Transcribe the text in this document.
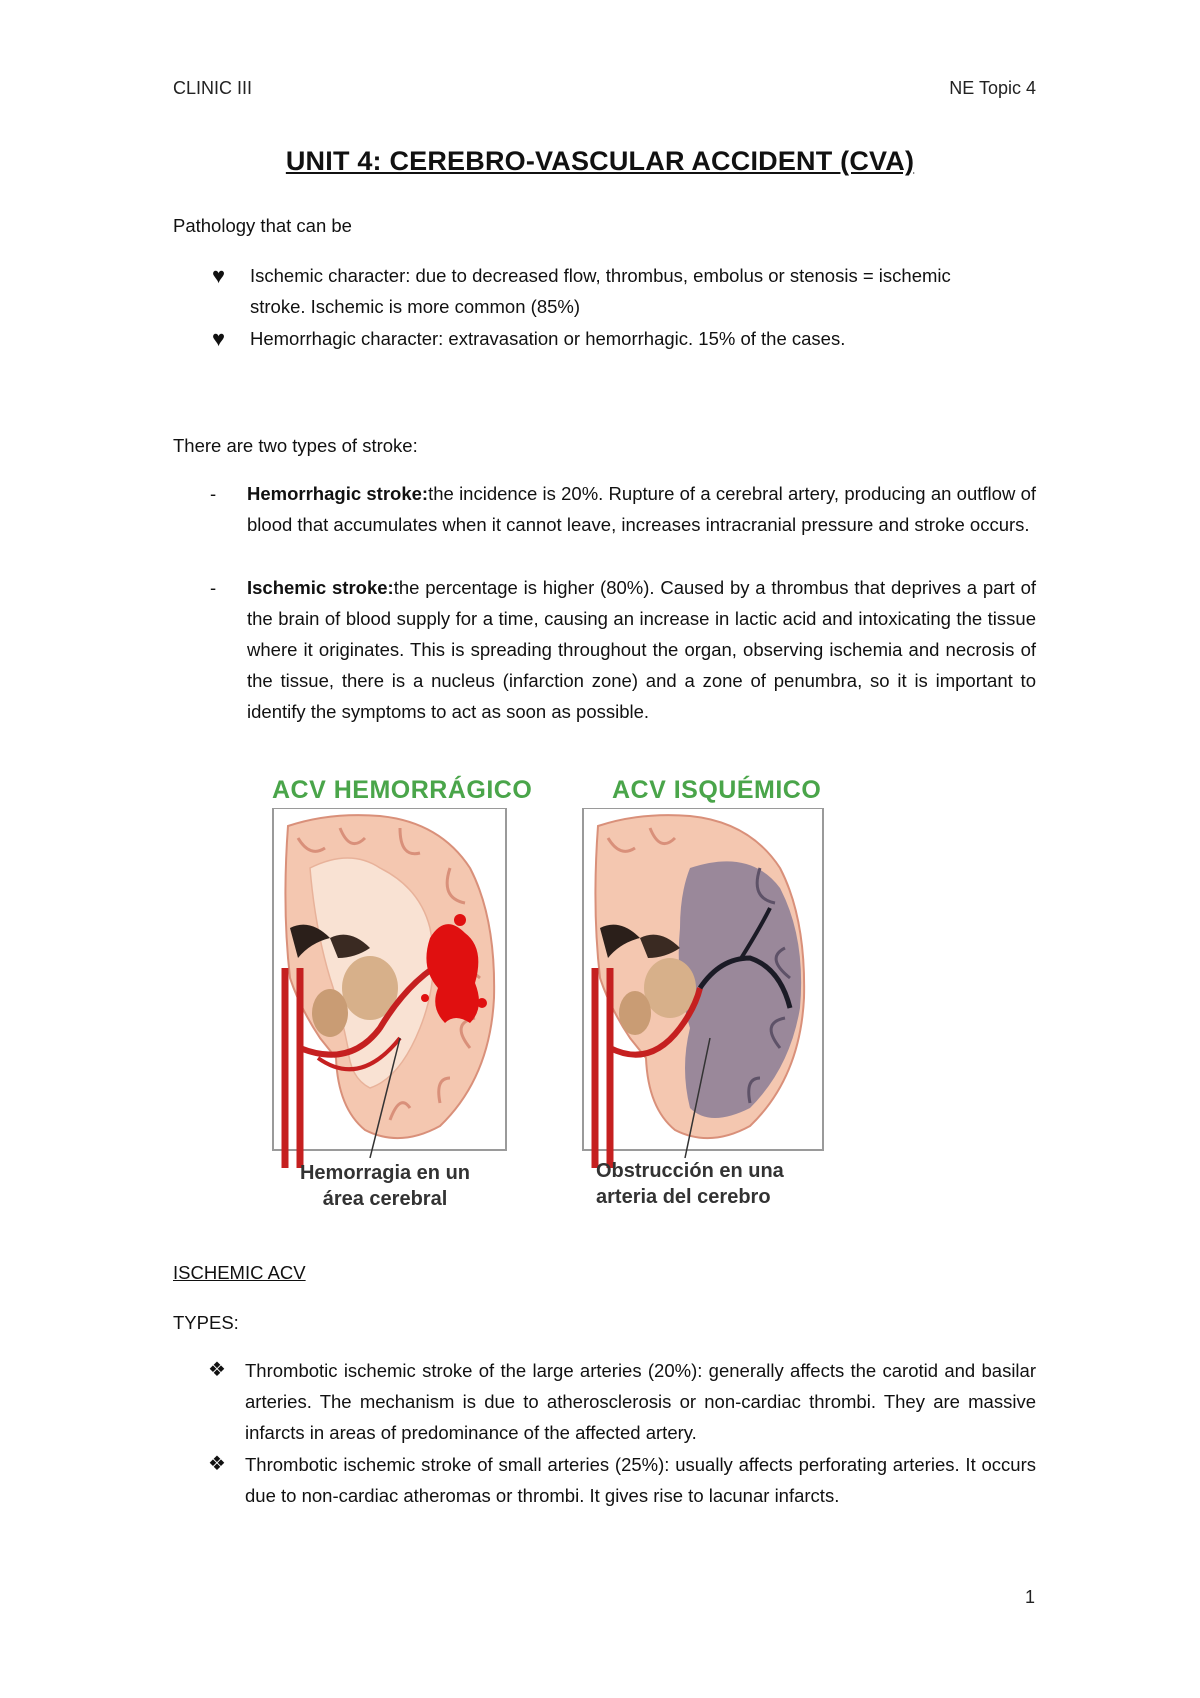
CLINIC III	NE Topic 4
UNIT 4: CEREBRO-VASCULAR ACCIDENT (CVA)
Pathology that can be
♥ Ischemic character: due to decreased flow, thrombus, embolus or stenosis = ischemic
stroke. Ischemic is more common (85%)
♥ Hemorrhagic character: extravasation or hemorrhagic. 15% of the cases.
There are two types of stroke:
- Hemorrhagic stroke:the incidence is 20%. Rupture of a cerebral artery, producing an outflow of blood that accumulates when it cannot leave, increases intracranial pressure and stroke occurs.
- Ischemic stroke:the percentage is higher (80%). Caused by a thrombus that deprives a part of the brain of blood supply for a time, causing an increase in lactic acid and intoxicating the tissue where it originates. This is spreading throughout the organ, observing ischemia and necrosis of the tissue, there is a nucleus (infarction zone) and a zone of penumbra, so it is important to identify the symptoms to act as soon as possible.
ACV HEMORRÁGICO	ACV ISQUÉMICO
Hemorragia en un
área cerebral
Obstrucción en una
arteria del cerebro
ISCHEMIC ACV
TYPES:
❖ Thrombotic ischemic stroke of the large arteries (20%): generally affects the carotid and basilar arteries. The mechanism is due to atherosclerosis or non-cardiac thrombi. They are massive infarcts in areas of predominance of the affected artery.
❖ Thrombotic ischemic stroke of small arteries (25%): usually affects perforating arteries. It occurs due to non-cardiac atheromas or thrombi. It gives rise to lacunar infarcts.
1
